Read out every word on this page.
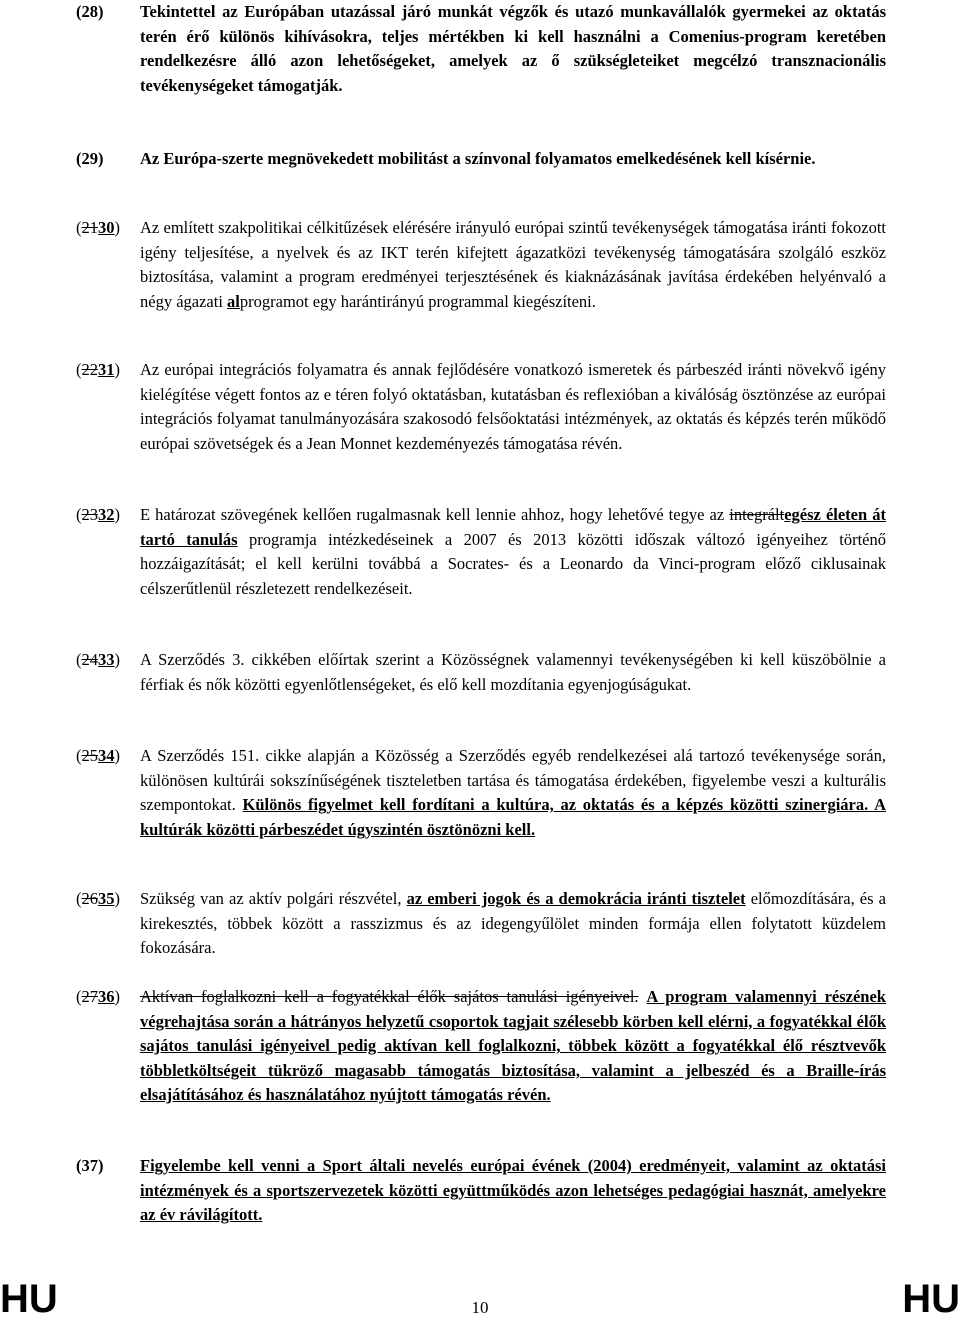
(28)	Tekintettel az Európában utazással járó munkát végzők és utazó munkavállalók gyermekei az oktatás terén érő különös kihívásokra, teljes mértékben ki kell használni a Comenius-program keretében rendelkezésre álló azon lehetőségeket, amelyek az ő szükségleteiket megcélzó transznacionális tevékenységeket támogatják.
(29)	Az Európa-szerte megnövekedett mobilitást a színvonal folyamatos emelkedésének kell kísérnie.
(2130)	Az említett szakpolitikai célkitűzések elérésére irányuló európai szintű tevékenységek támogatása iránti fokozott igény teljesítése, a nyelvek és az IKT terén kifejtett ágazatközi tevékenység támogatására szolgáló eszköz biztosítása, valamint a program eredményei terjesztésének és kiaknázásának javítása érdekében helyénvaló a négy ágazati alprogramot egy harántirányú programmal kiegészíteni.
(2231)	Az európai integrációs folyamatra és annak fejlődésére vonatkozó ismeretek és párbeszéd iránti növekvő igény kielégítése végett fontos az e téren folyó oktatásban, kutatásban és reflexióban a kiválóság ösztönzése az európai integrációs folyamat tanulmányozására szakosodó felsőoktatási intézmények, az oktatás és képzés terén működő európai szövetségek és a Jean Monnet kezdeményezés támogatása révén.
(2332)	E határozat szövegének kellően rugalmasnak kell lennie ahhoz, hogy lehetővé tegye az integráltegész életen át tartó tanulás programja intézkedéseinek a 2007 és 2013 közötti időszak változó igényeihez történő hozzáigazítását; el kell kerülni továbbá a Socrates- és a Leonardo da Vinci-program előző ciklusainak célszerűtlenül részletezett rendelkezéseit.
(2433)	A Szerződés 3. cikkében előírtak szerint a Közösségnek valamennyi tevékenységében ki kell küszöbölnie a férfiak és nők közötti egyenlőtlenségeket, és elő kell mozdítania egyenjogúságukat.
(2534)	A Szerződés 151. cikke alapján a Közösség a Szerződés egyéb rendelkezései alá tartozó tevékenysége során, különösen kultúrái sokszínűségének tiszteletben tartása és támogatása érdekében, figyelembe veszi a kulturális szempontokat. Különös figyelmet kell fordítani a kultúra, az oktatás és a képzés közötti szinergiára. A kultúrák közötti párbeszédet úgyszintén ösztönözni kell.
(2635)	Szükség van az aktív polgári részvétel, az emberi jogok és a demokrácia iránti tisztelet előmozdítására, és a kirekesztés, többek között a rasszizmus és az idegengyűlölet minden formája ellen folytatott küzdelem fokozására.
(2736)	Aktívan foglalkozni kell a fogyatékkal élők sajátos tanulási igényeivel. A program valamennyi részének végrehajtása során a hátrányos helyzetű csoportok tagjait szélesebb körben kell elérni, a fogyatékkal élők sajátos tanulási igényeivel pedig aktívan kell foglalkozni, többek között a fogyatékkal élő résztvevők többletköltségeit tükröző magasabb támogatás biztosítása, valamint a jelbeszéd és a Braille-írás elsajátításához és használatához nyújtott támogatás révén.
(37)	Figyelembe kell venni a Sport általi nevelés európai évének (2004) eredményeit, valamint az oktatási intézmények és a sportszervezetek közötti együttműködés azon lehetséges pedagógiai hasznát, amelyekre az év rávilágított.
HU	10	HU
